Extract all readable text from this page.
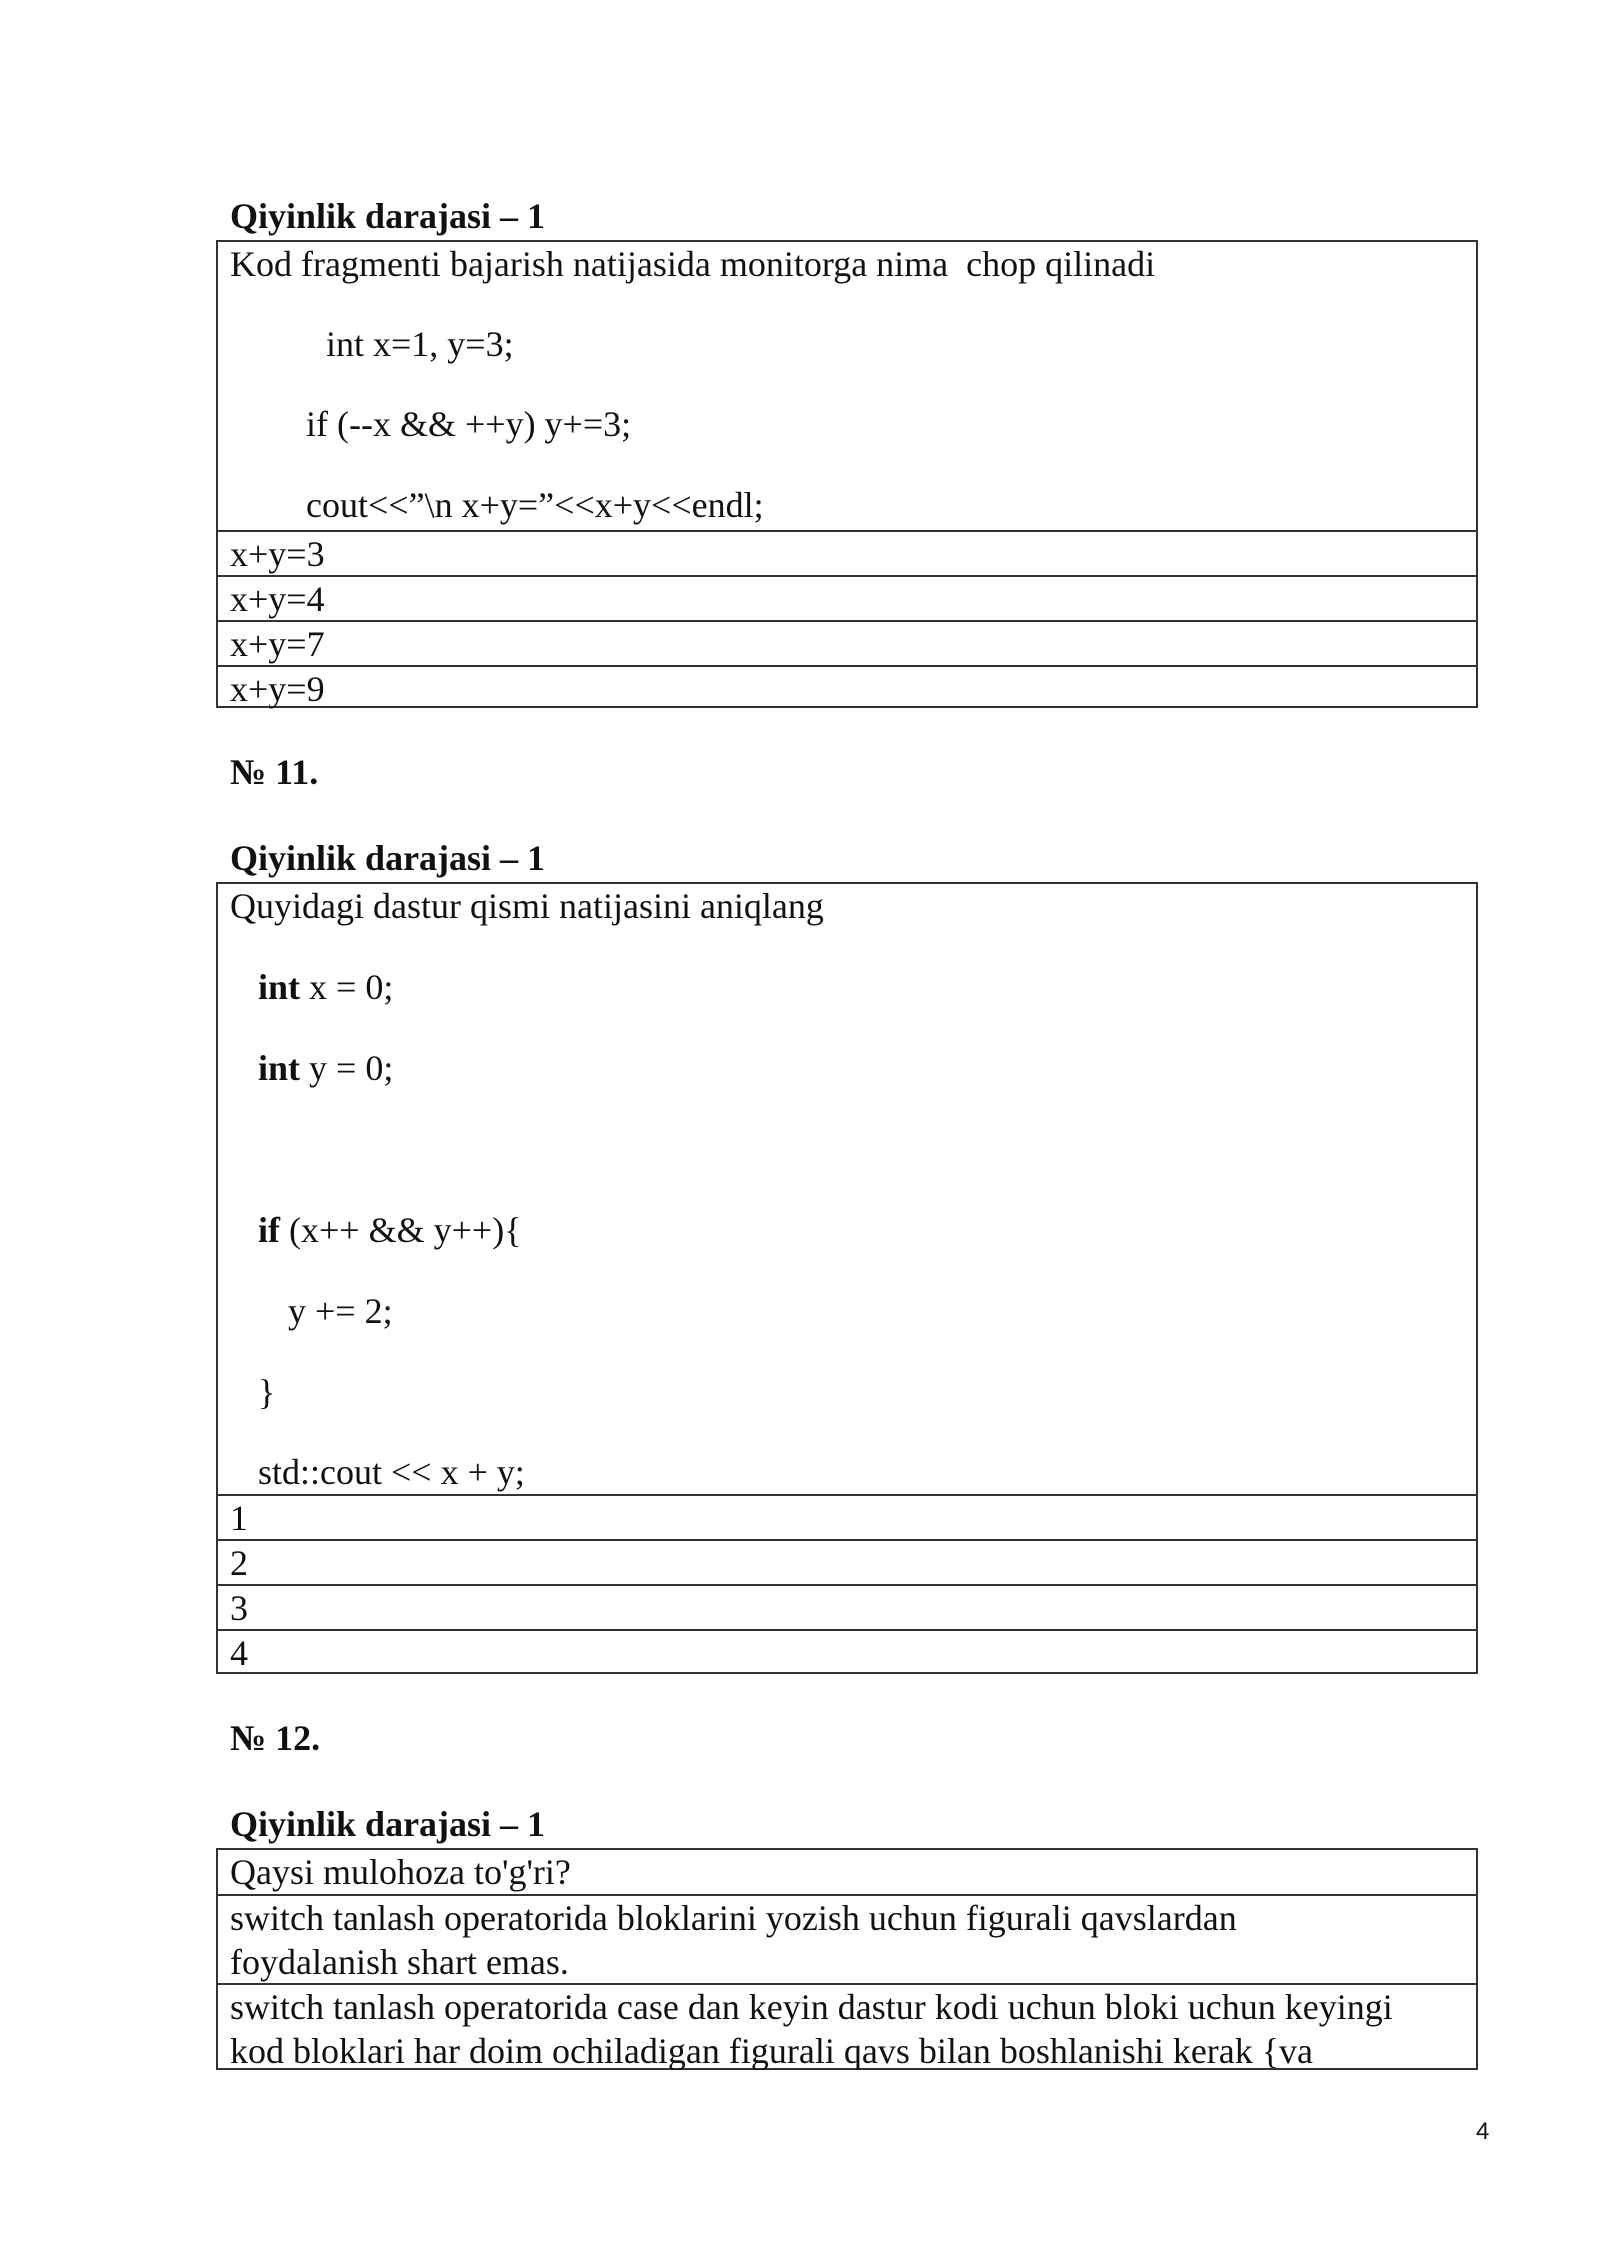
Qiyinlik darajasi – 1
Kod fragmenti bajarish natijasida monitorga nima  chop qilinadi
int x=1, y=3;
if (--x && ++y) y+=3;
cout<<”\n x+y=”<<x+y<<endl;
x+y=3
x+y=4
x+y=7
x+y=9
№ 11.
Qiyinlik darajasi – 1
Quyidagi dastur qismi natijasini aniqlang
int x = 0;
int y = 0;
if (x++ && y++){
y += 2;
}
std::cout << x + y;
1
2
3
4
№ 12.
Qiyinlik darajasi – 1
Qaysi mulohoza to'g'ri?
switch tanlash operatorida bloklarini yozish uchun figurali qavslardan
foydalanish shart emas.
switch tanlash operatorida case dan keyin dastur kodi uchun bloki uchun keyingi
kod bloklari har doim ochiladigan figurali qavs bilan boshlanishi kerak {va
4
